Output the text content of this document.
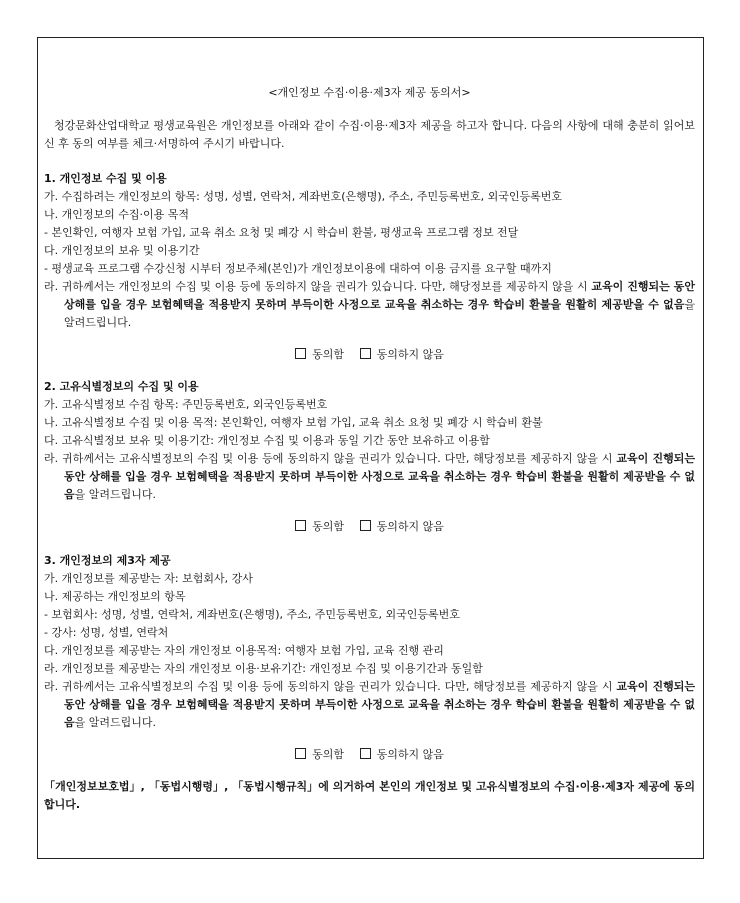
<개인정보 수집·이용·제3자 제공 동의서>
청강문화산업대학교 평생교육원은 개인정보를 아래와 같이 수집·이용·제3자 제공을 하고자 합니다. 다음의 사항에 대해 충분히 읽어보신 후 동의 여부를 체크·서명하여 주시기 바랍니다.
1. 개인정보 수집 및 이용
가. 수집하려는 개인정보의 항목: 성명, 성별, 연락처, 계좌번호(은행명), 주소, 주민등록번호, 외국인등록번호
나. 개인정보의 수집·이용 목적
- 본인확인, 여행자 보험 가입, 교육 취소 요청 및 폐강 시 학습비 환불, 평생교육 프로그램 정보 전달
다. 개인정보의 보유 및 이용기간
- 평생교육 프로그램 수강신청 시부터 정보주체(본인)가 개인정보이용에 대하여 이용 금지를 요구할 때까지
라. 귀하께서는 개인정보의 수집 및 이용 등에 동의하지 않을 권리가 있습니다. 다만, 해당정보를 제공하지 않을 시 교육이 진행되는 동안 상해를 입을 경우 보험혜택을 적용받지 못하며 부득이한 사정으로 교육을 취소하는 경우 학습비 환불을 원활히 제공받을 수 없음을 알려드립니다.
동의함	동의하지 않음
2. 고유식별정보의 수집 및 이용
가. 고유식별정보 수집 항목: 주민등록번호, 외국인등록번호
나. 고유식별정보 수집 및 이용 목적: 본인확인, 여행자 보험 가입, 교육 취소 요청 및 폐강 시 학습비 환불
다. 고유식별정보 보유 및 이용기간: 개인정보 수집 및 이용과 동일 기간 동안 보유하고 이용함
라. 귀하께서는 고유식별정보의 수집 및 이용 등에 동의하지 않을 권리가 있습니다. 다만, 해당정보를 제공하지 않을 시 교육이 진행되는 동안 상해를 입을 경우 보험혜택을 적용받지 못하며 부득이한 사정으로 교육을 취소하는 경우 학습비 환불을 원활히 제공받을 수 없음을 알려드립니다.
동의함	동의하지 않음
3. 개인정보의 제3자 제공
가. 개인정보를 제공받는 자: 보험회사, 강사
나. 제공하는 개인정보의 항목
- 보험회사: 성명, 성별, 연락처, 계좌번호(은행명), 주소, 주민등록번호, 외국인등록번호
- 강사: 성명, 성별, 연락처
다. 개인정보를 제공받는 자의 개인정보 이용목적: 여행자 보험 가입, 교육 진행 관리
라. 개인정보를 제공받는 자의 개인정보 이용·보유기간: 개인정보 수집 및 이용기간과 동일함
라. 귀하께서는 고유식별정보의 수집 및 이용 등에 동의하지 않을 권리가 있습니다. 다만, 해당정보를 제공하지 않을 시 교육이 진행되는 동안 상해를 입을 경우 보험혜택을 적용받지 못하며 부득이한 사정으로 교육을 취소하는 경우 학습비 환불을 원활히 제공받을 수 없음을 알려드립니다.
동의함	동의하지 않음
「개인정보보호법」, 「동법시행령」, 「동법시행규칙」에 의거하여 본인의 개인정보 및 고유식별정보의 수집·이용·제3자 제공에 동의합니다.
